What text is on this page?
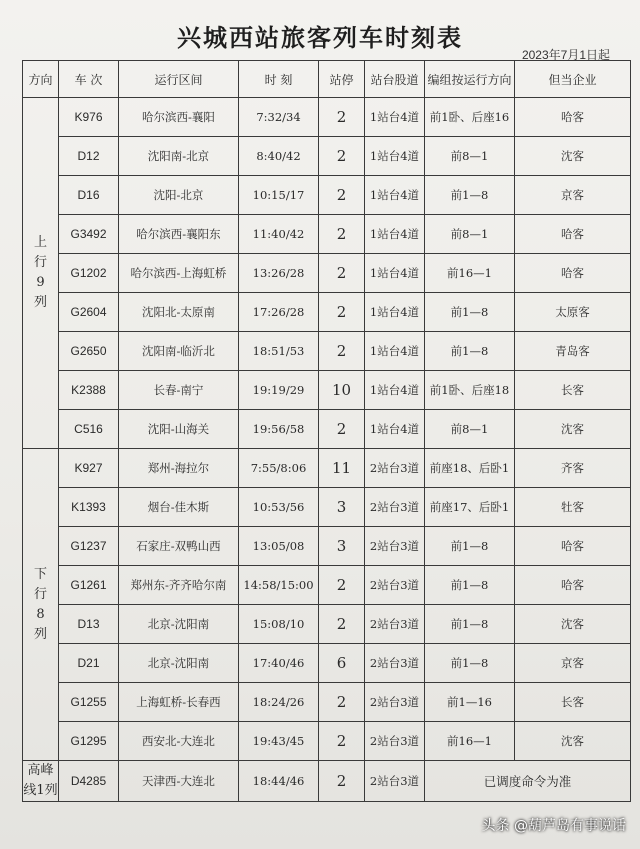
兴城西站旅客列车时刻表
2023年7月1日起
方向	车 次	运行区间	时 刻	站停	站台股道	编组按运行方向	但当企业

上
行
9
列	K976	哈尔滨西-襄阳	7:32/34	2	1站台4道	前1卧、后座16	哈客
	D12	沈阳南-北京	8:40/42	2	1站台4道	前8—1	沈客
	D16	沈阳-北京	10:15/17	2	1站台4道	前1—8	京客
	G3492	哈尔滨西-襄阳东	11:40/42	2	1站台4道	前8—1	哈客
	G1202	哈尔滨西-上海虹桥	13:26/28	2	1站台4道	前16—1	哈客
	G2604	沈阳北-太原南	17:26/28	2	1站台4道	前1—8	太原客
	G2650	沈阳南-临沂北	18:51/53	2	1站台4道	前1—8	青岛客
	K2388	长春-南宁	19:19/29	10	1站台4道	前1卧、后座18	长客
	C516	沈阳-山海关	19:56/58	2	1站台4道	前8—1	沈客

下
行
8
列	K927	郑州-海拉尔	7:55/8:06	11	2站台3道	前座18、后卧1	齐客
	K1393	烟台-佳木斯	10:53/56	3	2站台3道	前座17、后卧1	牡客
	G1237	石家庄-双鸭山西	13:05/08	3	2站台3道	前1—8	哈客
	G1261	郑州东-齐齐哈尔南	14:58/15:00	2	2站台3道	前1—8	哈客
	D13	北京-沈阳南	15:08/10	2	2站台3道	前1—8	沈客
	D21	北京-沈阳南	17:40/46	6	2站台3道	前1—8	京客
	G1255	上海虹桥-长春西	18:24/26	2	2站台3道	前1—16	长客
	G1295	西安北-大连北	19:43/45	2	2站台3道	前16—1	沈客

高峰
线1列	D4285	天津西-大连北	18:44/46	2	2站台3道	已调度命令为准	
头条 @葫芦岛有事说话
